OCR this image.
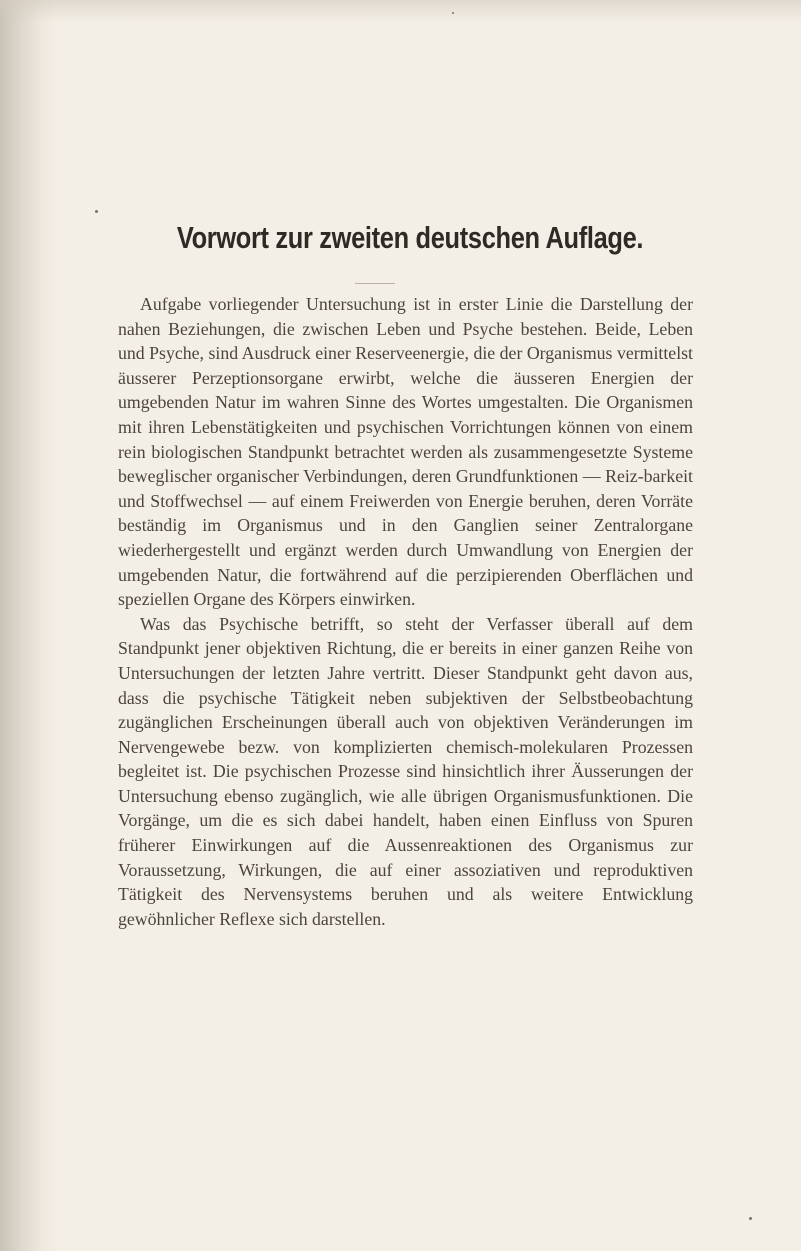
Vorwort zur zweiten deutschen Auflage.

Aufgabe vorliegender Untersuchung ist in erster Linie die Darstellung der nahen Beziehungen, die zwischen Leben und Psyche bestehen. Beide, Leben und Psyche, sind Ausdruck einer Reserveenergie, die der Organismus vermittelst äusserer Perzeptionsorgane erwirbt, welche die äusseren Energien der umgebenden Natur im wahren Sinne des Wortes umgestalten. Die Organismen mit ihren Lebenstätigkeiten und psychischen Vorrichtungen können von einem rein biologischen Standpunkt betrachtet werden als zusammengesetzte Systeme beweglischer organischer Verbindungen, deren Grundfunktionen — Reiz-barkeit und Stoffwechsel — auf einem Freiwerden von Energie beruhen, deren Vorräte beständig im Organismus und in den Ganglien seiner Zentralorgane wiederhergestellt und ergänzt werden durch Umwandlung von Energien der umgebenden Natur, die fortwährend auf die perzipierenden Oberflächen und speziellen Organe des Körpers einwirken.

Was das Psychische betrifft, so steht der Verfasser überall auf dem Standpunkt jener objektiven Richtung, die er bereits in einer ganzen Reihe von Untersuchungen der letzten Jahre vertritt. Dieser Standpunkt geht davon aus, dass die psychische Tätigkeit neben subjektiven der Selbstbeobachtung zugänglichen Erscheinungen überall auch von objektiven Veränderungen im Nervengewebe bezw. von komplizierten chemisch-molekularen Prozessen begleitet ist. Die psychischen Prozesse sind hinsichtlich ihrer Äusserungen der Untersuchung ebenso zugänglich, wie alle übrigen Organismusfunktionen. Die Vorgänge, um die es sich dabei handelt, haben einen Einfluss von Spuren früherer Einwirkungen auf die Aussenreaktionen des Organismus zur Voraussetzung, Wirkungen, die auf einer assoziativen und reproduktiven Tätigkeit des Nervensystems beruhen und als weitere Entwicklung gewöhnlicher Reflexe sich darstellen.
